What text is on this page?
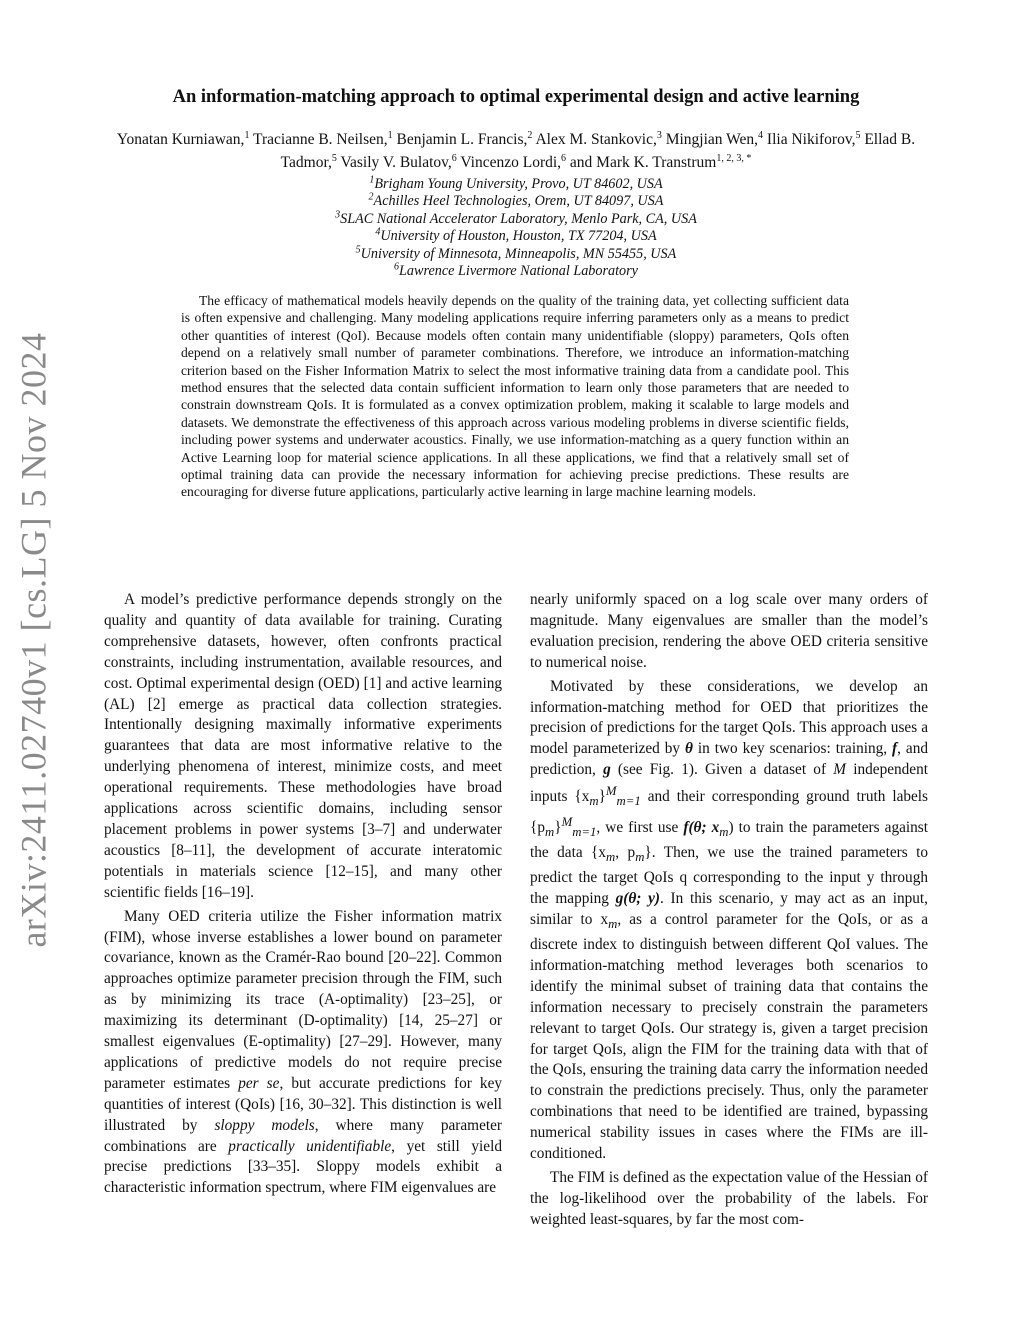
arXiv:2411.02740v1 [cs.LG] 5 Nov 2024
An information-matching approach to optimal experimental design and active learning
Yonatan Kurniawan,$^1$ Tracianne B. Neilsen,$^1$ Benjamin L. Francis,$^2$ Alex M. Stankovic,$^3$ Mingjian Wen,$^4$ Ilia Nikiforov,$^5$ Ellad B. Tadmor,$^5$ Vasily V. Bulatov,$^6$ Vincenzo Lordi,$^6$ and Mark K. Transtrum$^{1, 2, 3, *}$
$^1$Brigham Young University, Provo, UT 84602, USA
$^2$Achilles Heel Technologies, Orem, UT 84097, USA
$^3$SLAC National Accelerator Laboratory, Menlo Park, CA, USA
$^4$University of Houston, Houston, TX 77204, USA
$^5$University of Minnesota, Minneapolis, MN 55455, USA
$^6$Lawrence Livermore National Laboratory
The efficacy of mathematical models heavily depends on the quality of the training data, yet collecting sufficient data is often expensive and challenging. Many modeling applications require inferring parameters only as a means to predict other quantities of interest (QoI). Because models often contain many unidentifiable (sloppy) parameters, QoIs often depend on a relatively small number of parameter combinations. Therefore, we introduce an information-matching criterion based on the Fisher Information Matrix to select the most informative training data from a candidate pool. This method ensures that the selected data contain sufficient information to learn only those parameters that are needed to constrain downstream QoIs. It is formulated as a convex optimization problem, making it scalable to large models and datasets. We demonstrate the effectiveness of this approach across various modeling problems in diverse scientific fields, including power systems and underwater acoustics. Finally, we use information-matching as a query function within an Active Learning loop for material science applications. In all these applications, we find that a relatively small set of optimal training data can provide the necessary information for achieving precise predictions. These results are encouraging for diverse future applications, particularly active learning in large machine learning models.

A model’s predictive performance depends strongly on the quality and quantity of data available for training. Curating comprehensive datasets, however, often confronts practical constraints, including instrumentation, available resources, and cost. Optimal experimental design (OED) [1] and active learning (AL) [2] emerge as practical data collection strategies. Intentionally designing maximally informative experiments guarantees that data are most informative relative to the underlying phenomena of interest, minimize costs, and meet operational requirements. These methodologies have broad applications across scientific domains, including sensor placement problems in power systems [3–7] and underwater acoustics [8–11], the development of accurate interatomic potentials in materials science [12–15], and many other scientific fields [16–19].

Many OED criteria utilize the Fisher information matrix (FIM), whose inverse establishes a lower bound on parameter covariance, known as the Cramér-Rao bound [20–22]. Common approaches optimize parameter precision through the FIM, such as by minimizing its trace (A-optimality) [23–25], or maximizing its determinant (D-optimality) [14, 25–27] or smallest eigenvalues (E-optimality) [27–29]. However, many applications of predictive models do not require precise parameter estimates per se, but accurate predictions for key quantities of interest (QoIs) [16, 30–32]. This distinction is well illustrated by sloppy models, where many parameter combinations are practically unidentifiable, yet still yield precise predictions [33–35]. Sloppy models exhibit a characteristic information spectrum, where FIM eigenvalues are

nearly uniformly spaced on a log scale over many orders of magnitude. Many eigenvalues are smaller than the model’s evaluation precision, rendering the above OED criteria sensitive to numerical noise.

Motivated by these considerations, we develop an information-matching method for OED that prioritizes the precision of predictions for the target QoIs. This approach uses a model parameterized by θ in two key scenarios: training, f, and prediction, g (see Fig. 1). Given a dataset of M independent inputs $\{x_m\}^M_{m=1}$ and their corresponding ground truth labels $\{p_m\}^M_{m=1}$, we first use f(θ; $x_m$) to train the parameters against the data {$x_m$, $p_m$}. Then, we use the trained parameters to predict the target QoIs q corresponding to the input y through the mapping g(θ; y). In this scenario, y may act as an input, similar to $x_m$, as a control parameter for the QoIs, or as a discrete index to distinguish between different QoI values. The information-matching method leverages both scenarios to identify the minimal subset of training data that contains the information necessary to precisely constrain the parameters relevant to target QoIs. Our strategy is, given a target precision for target QoIs, align the FIM for the training data with that of the QoIs, ensuring the training data carry the information needed to constrain the predictions precisely. Thus, only the parameter combinations that need to be identified are trained, bypassing numerical stability issues in cases where the FIMs are ill-conditioned.

The FIM is defined as the expectation value of the Hessian of the log-likelihood over the probability of the labels. For weighted least-squares, by far the most com-
